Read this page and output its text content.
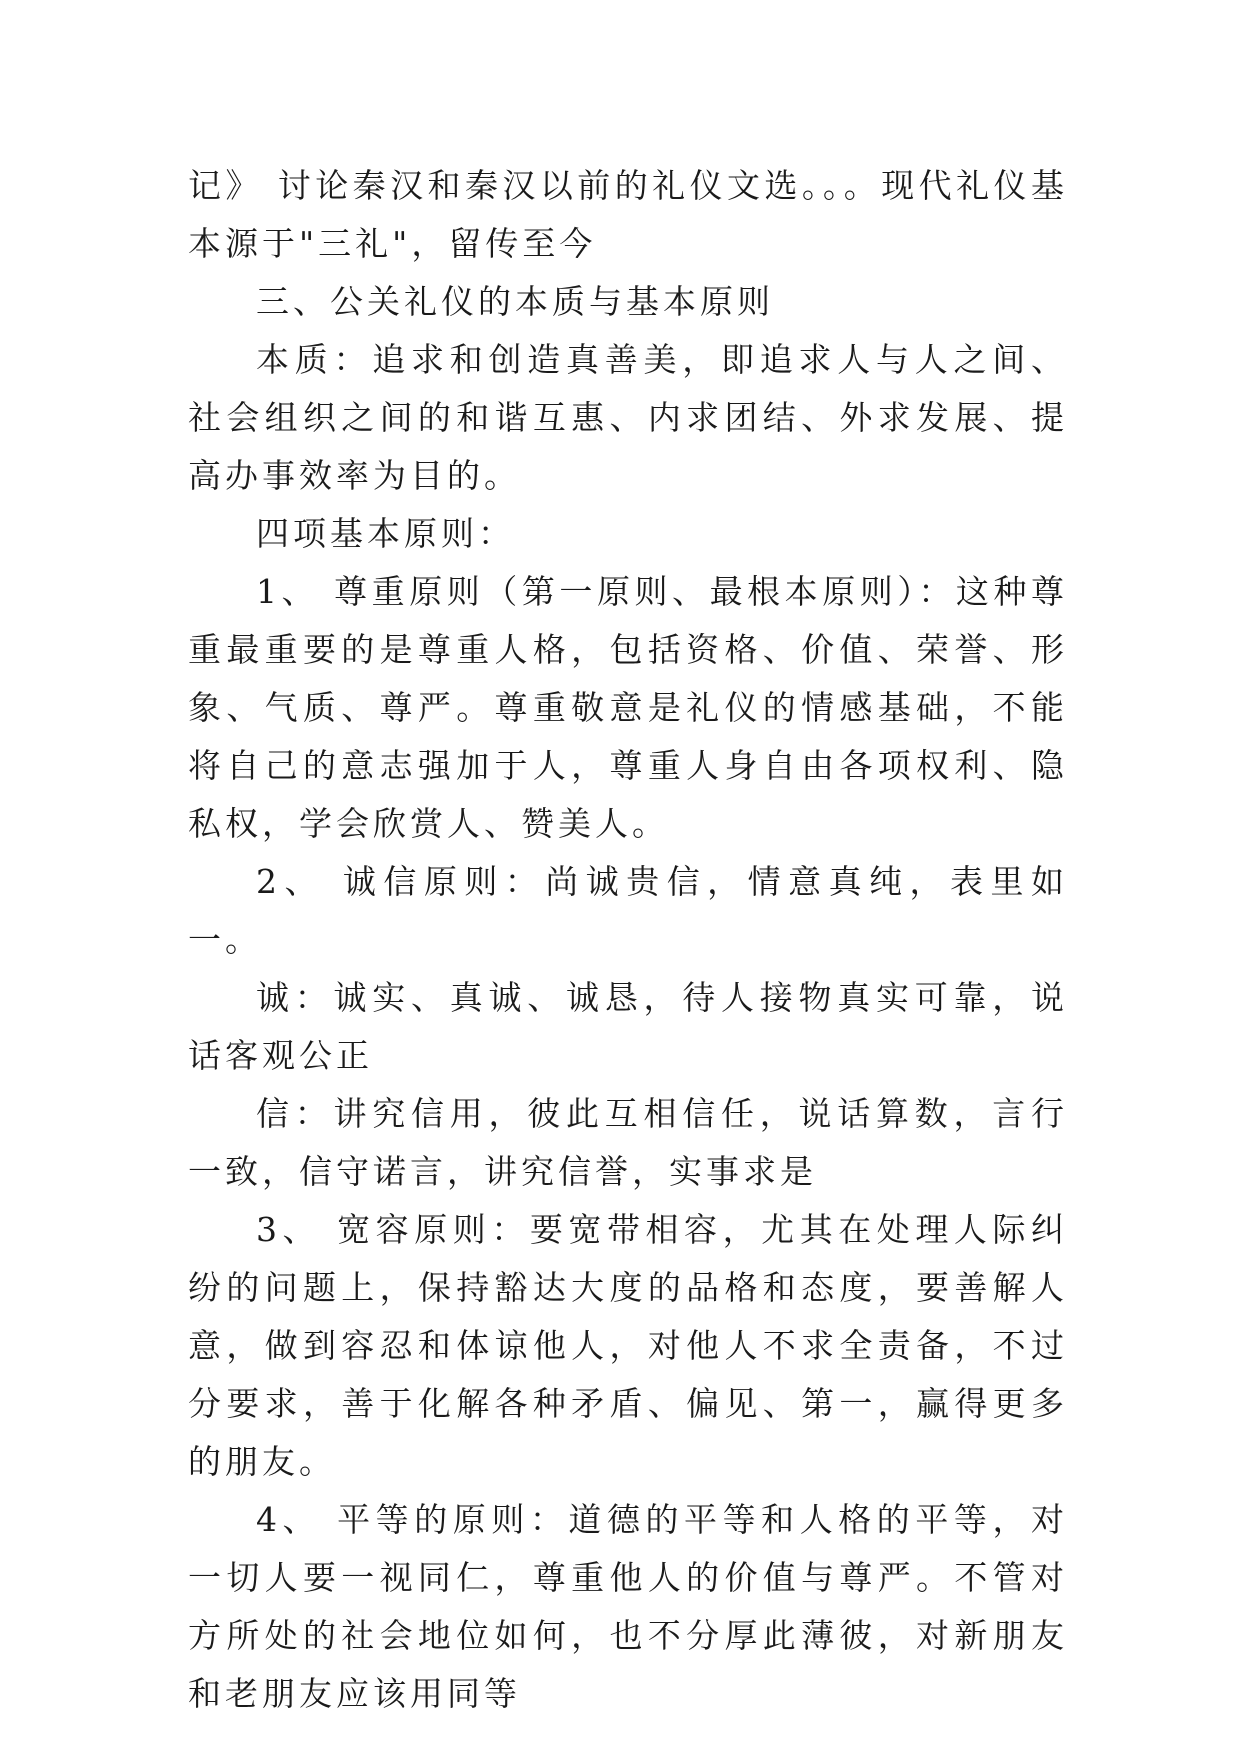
记》 讨论秦汉和秦汉以前的礼仪文选。。。现代礼仪基本源于"三礼"，留传至今

三、公关礼仪的本质与基本原则

本质：追求和创造真善美，即追求人与人之间、社会组织之间的和谐互惠、内求团结、外求发展、提高办事效率为目的。

四项基本原则：

1、 尊重原则（第一原则、最根本原则）：这种尊重最重要的是尊重人格，包括资格、价值、荣誉、形象、气质、尊严。尊重敬意是礼仪的情感基础，不能将自己的意志强加于人，尊重人身自由各项权利、隐私权，学会欣赏人、赞美人。

2、 诚信原则：尚诚贵信，情意真纯，表里如一。

诚：诚实、真诚、诚恳，待人接物真实可靠，说话客观公正

信：讲究信用，彼此互相信任，说话算数，言行一致，信守诺言，讲究信誉，实事求是

3、 宽容原则：要宽带相容，尤其在处理人际纠纷的问题上，保持豁达大度的品格和态度，要善解人意，做到容忍和体谅他人，对他人不求全责备，不过分要求，善于化解各种矛盾、偏见、第一，赢得更多的朋友。

4、 平等的原则：道德的平等和人格的平等，对一切人要一视同仁，尊重他人的价值与尊严。不管对方所处的社会地位如何，也不分厚此薄彼，对新朋友和老朋友应该用同等
